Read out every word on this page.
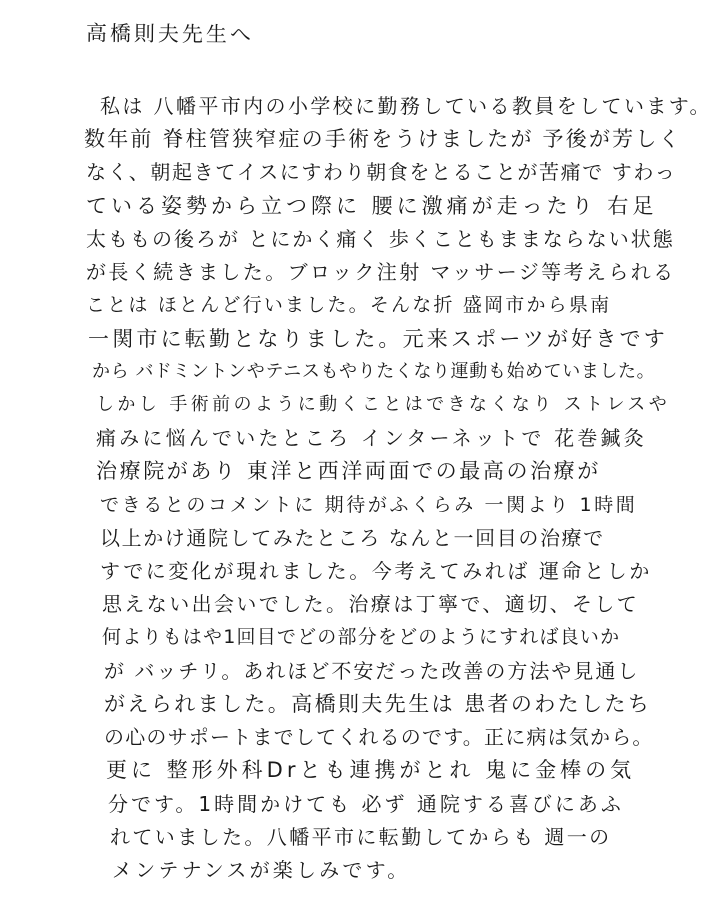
高橋則夫先生へ
私は 八幡平市内の小学校に勤務している教員をしています。
数年前 脊柱管狭窄症の手術をうけましたが 予後が芳しく
なく、朝起きてイスにすわり朝食をとることが苦痛で すわっ
ている姿勢から立つ際に 腰に激痛が走ったり 右足
太ももの後ろが とにかく痛く 歩くこともままならない状態
が長く続きました。ブロック注射 マッサージ等考えられる
ことは ほとんど行いました。そんな折 盛岡市から県南
一関市に転勤となりました。元来スポーツが好きです
から バドミントンやテニスもやりたくなり運動も始めていました。
しかし 手術前のように動くことはできなくなり ストレスや
痛みに悩んでいたところ インターネットで 花巻鍼灸
治療院があり 東洋と西洋両面での最高の治療が
できるとのコメントに 期待がふくらみ 一関より 1時間
以上かけ通院してみたところ なんと一回目の治療で
すでに変化が現れました。今考えてみれば 運命としか
思えない出会いでした。治療は丁寧で、適切、そして
何よりもはや1回目でどの部分をどのようにすれば良いか
が バッチリ。あれほど不安だった改善の方法や見通し
がえられました。高橋則夫先生は 患者のわたしたち
の心のサポートまでしてくれるのです。正に病は気から。
更に 整形外科Drとも連携がとれ 鬼に金棒の気
分です。1時間かけても 必ず 通院する喜びにあふ
れていました。八幡平市に転勤してからも 週一の
メンテナンスが楽しみです。
